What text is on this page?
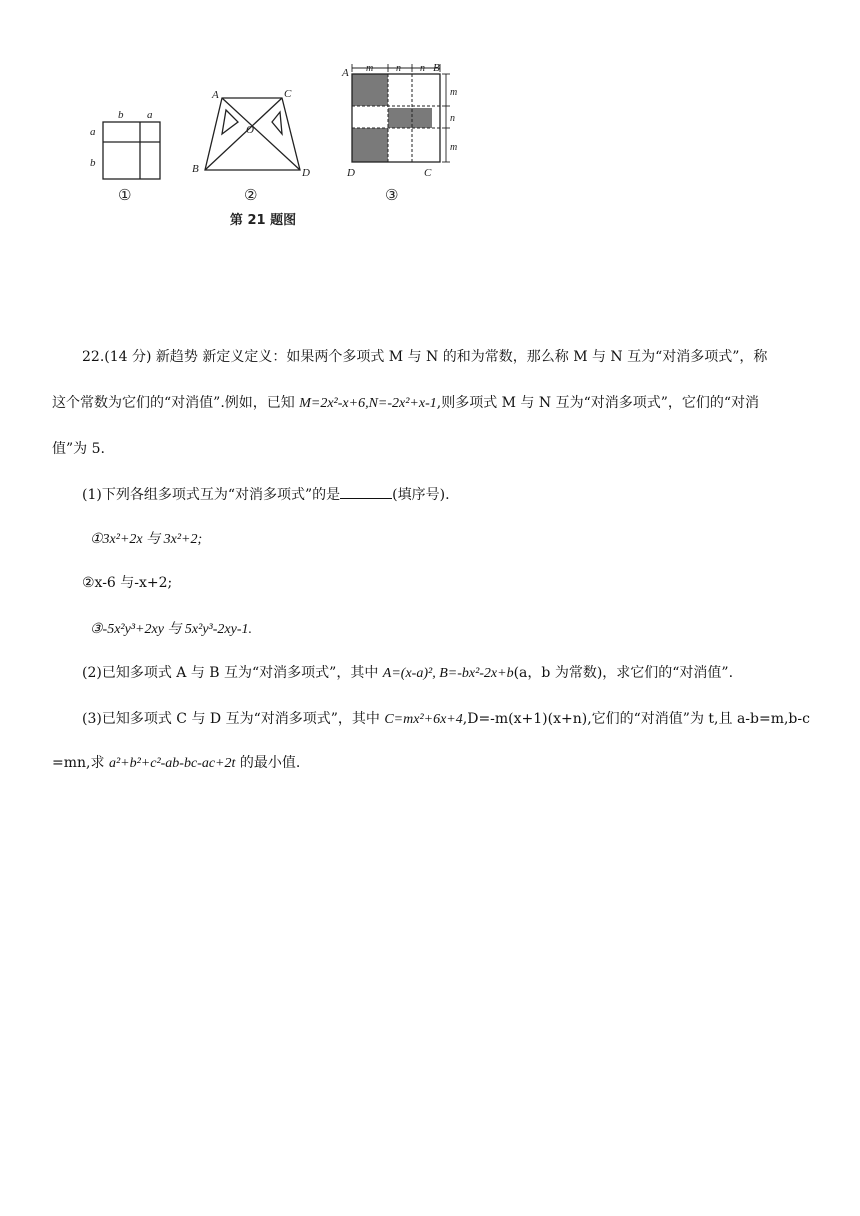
b a
a
b
A	C
O
B	D
A	B
D	C
m n n
m
n
m
①	②	③
第 21 题图
22.(14 分) 新趋势 新定义定义：如果两个多项式 M 与 N 的和为常数，那么称 M 与 N 互为“对消多项式”，称
这个常数为它们的“对消值”.例如，已知 M=2x²-x+6,N=-2x²+x-1,则多项式 M 与 N 互为“对消多项式”，它们的“对消
值”为 5.
(1)下列各组多项式互为“对消多项式”的是	(填序号).
①3x²+2x 与 3x²+2;
②x-6 与-x+2;
③-5x²y³+2xy 与 5x²y³-2xy-1.
(2)已知多项式 A 与 B 互为“对消多项式”，其中 A=(x-a)², B=-bx²-2x+b(a，b 为常数)，求它们的“对消值”.
(3)已知多项式 C 与 D 互为“对消多项式”，其中 C=mx²+6x+4,D=-m(x+1)(x+n),它们的“对消值”为 t,且 a-b=m,b-c
=mn,求 a²+b²+c²-ab-bc-ac+2t 的最小值.
